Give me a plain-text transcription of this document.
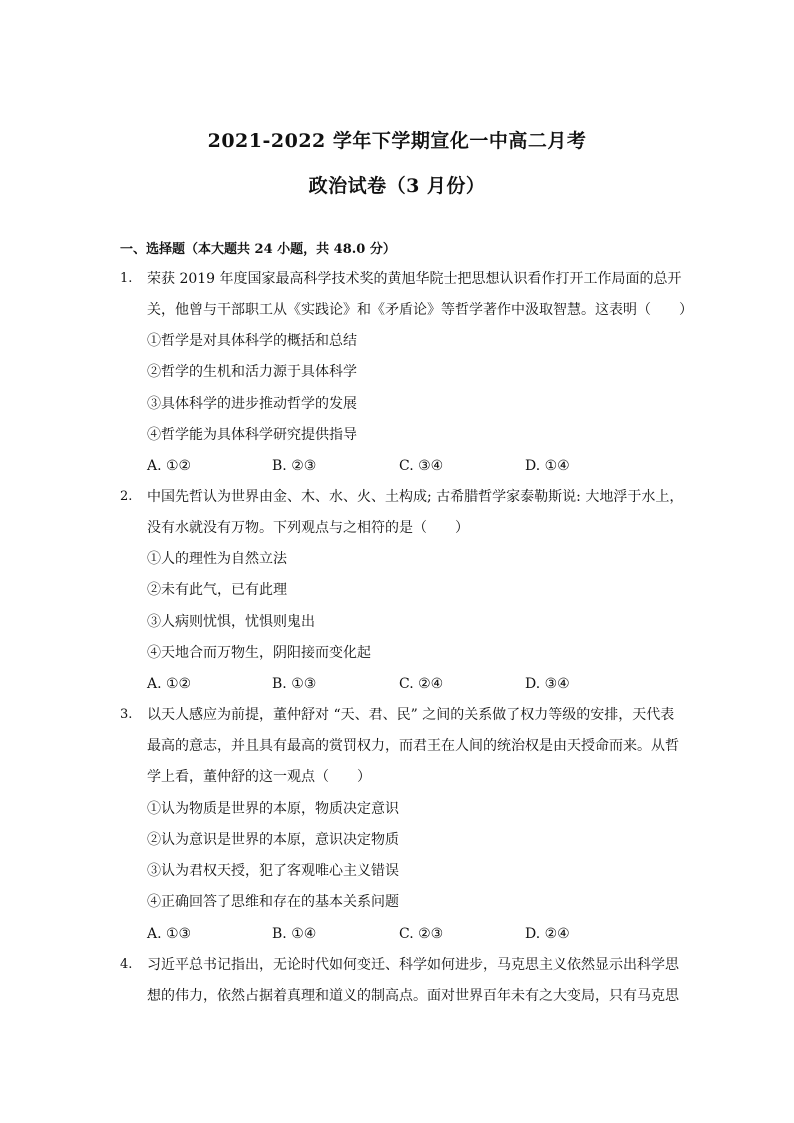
2021-2022 学年下学期宣化一中高二月考
政治试卷（3 月份）
一、选择题（本大题共 24 小题，共 48.0 分）
1. 荣获 2019 年度国家最高科学技术奖的黄旭华院士把思想认识看作打开工作局面的总开
关，他曾与干部职工从《实践论》和《矛盾论》等哲学著作中汲取智慧。这表明（　　）
①哲学是对具体科学的概括和总结
②哲学的生机和活力源于具体科学
③具体科学的进步推动哲学的发展
④哲学能为具体科学研究提供指导
A. ①②	B. ②③	C. ③④	D. ①④
2. 中国先哲认为世界由金、木、水、火、土构成; 古希腊哲学家泰勒斯说: 大地浮于水上，
没有水就没有万物。下列观点与之相符的是（　　）
①人的理性为自然立法
②未有此气，已有此理
③人病则忧惧，忧惧则鬼出
④天地合而万物生，阴阳接而变化起
A. ①②	B. ①③	C. ②④	D. ③④
3. 以天人感应为前提，董仲舒对 “天、君、民” 之间的关系做了权力等级的安排，天代表
最高的意志，并且具有最高的赏罚权力，而君王在人间的统治权是由天授命而来。从哲
学上看，董仲舒的这一观点（　　）
①认为物质是世界的本原，物质决定意识
②认为意识是世界的本原，意识决定物质
③认为君权天授，犯了客观唯心主义错误
④正确回答了思维和存在的基本关系问题
A. ①③	B. ①④	C. ②③	D. ②④
4. 习近平总书记指出，无论时代如何变迁、科学如何进步，马克思主义依然显示出科学思
想的伟力，依然占据着真理和道义的制高点。面对世界百年未有之大变局，只有马克思
